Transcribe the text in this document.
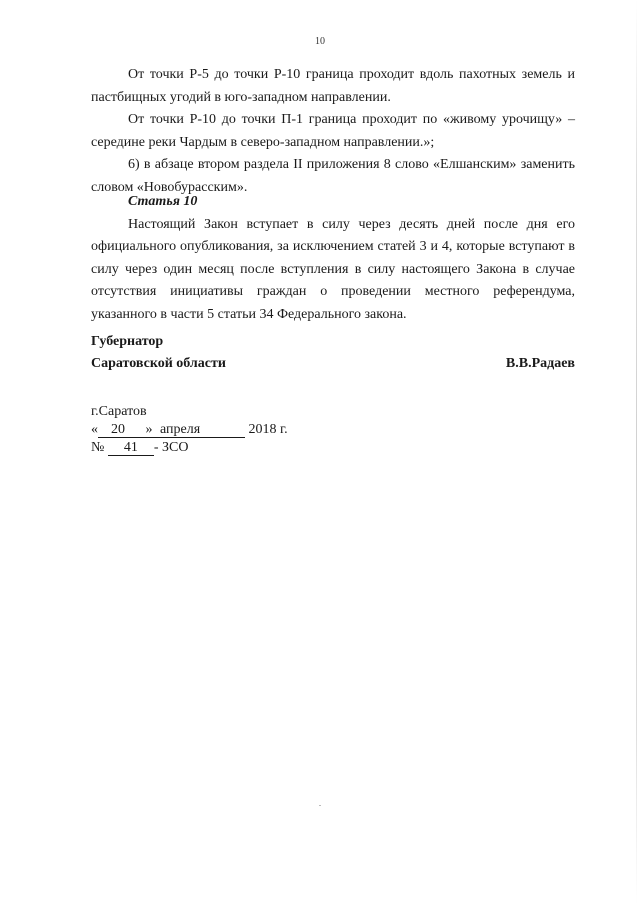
10

От точки Р-5 до точки Р-10 граница проходит вдоль пахотных земель и пастбищных угодий в юго-западном направлении.

От точки Р-10 до точки П-1 граница проходит по «живому урочищу» – середине реки Чардым в северо-западном направлении.»;

6) в абзаце втором раздела II приложения 8 слово «Елшанским» заменить словом «Новобурасским».

Статья 10

Настоящий Закон вступает в силу через десять дней после дня его официального опубликования, за исключением статей 3 и 4, которые вступают в силу через один месяц после вступления в силу настоящего Закона в случае отсутствия инициативы граждан о проведении местного референдума, указанного в части 5 статьи 34 Федерального закона.

Губернатор
Саратовской области	В.В.Радаев
г.Саратов
« 20 » апреля	2018 г.
№ 41 - ЗСО
